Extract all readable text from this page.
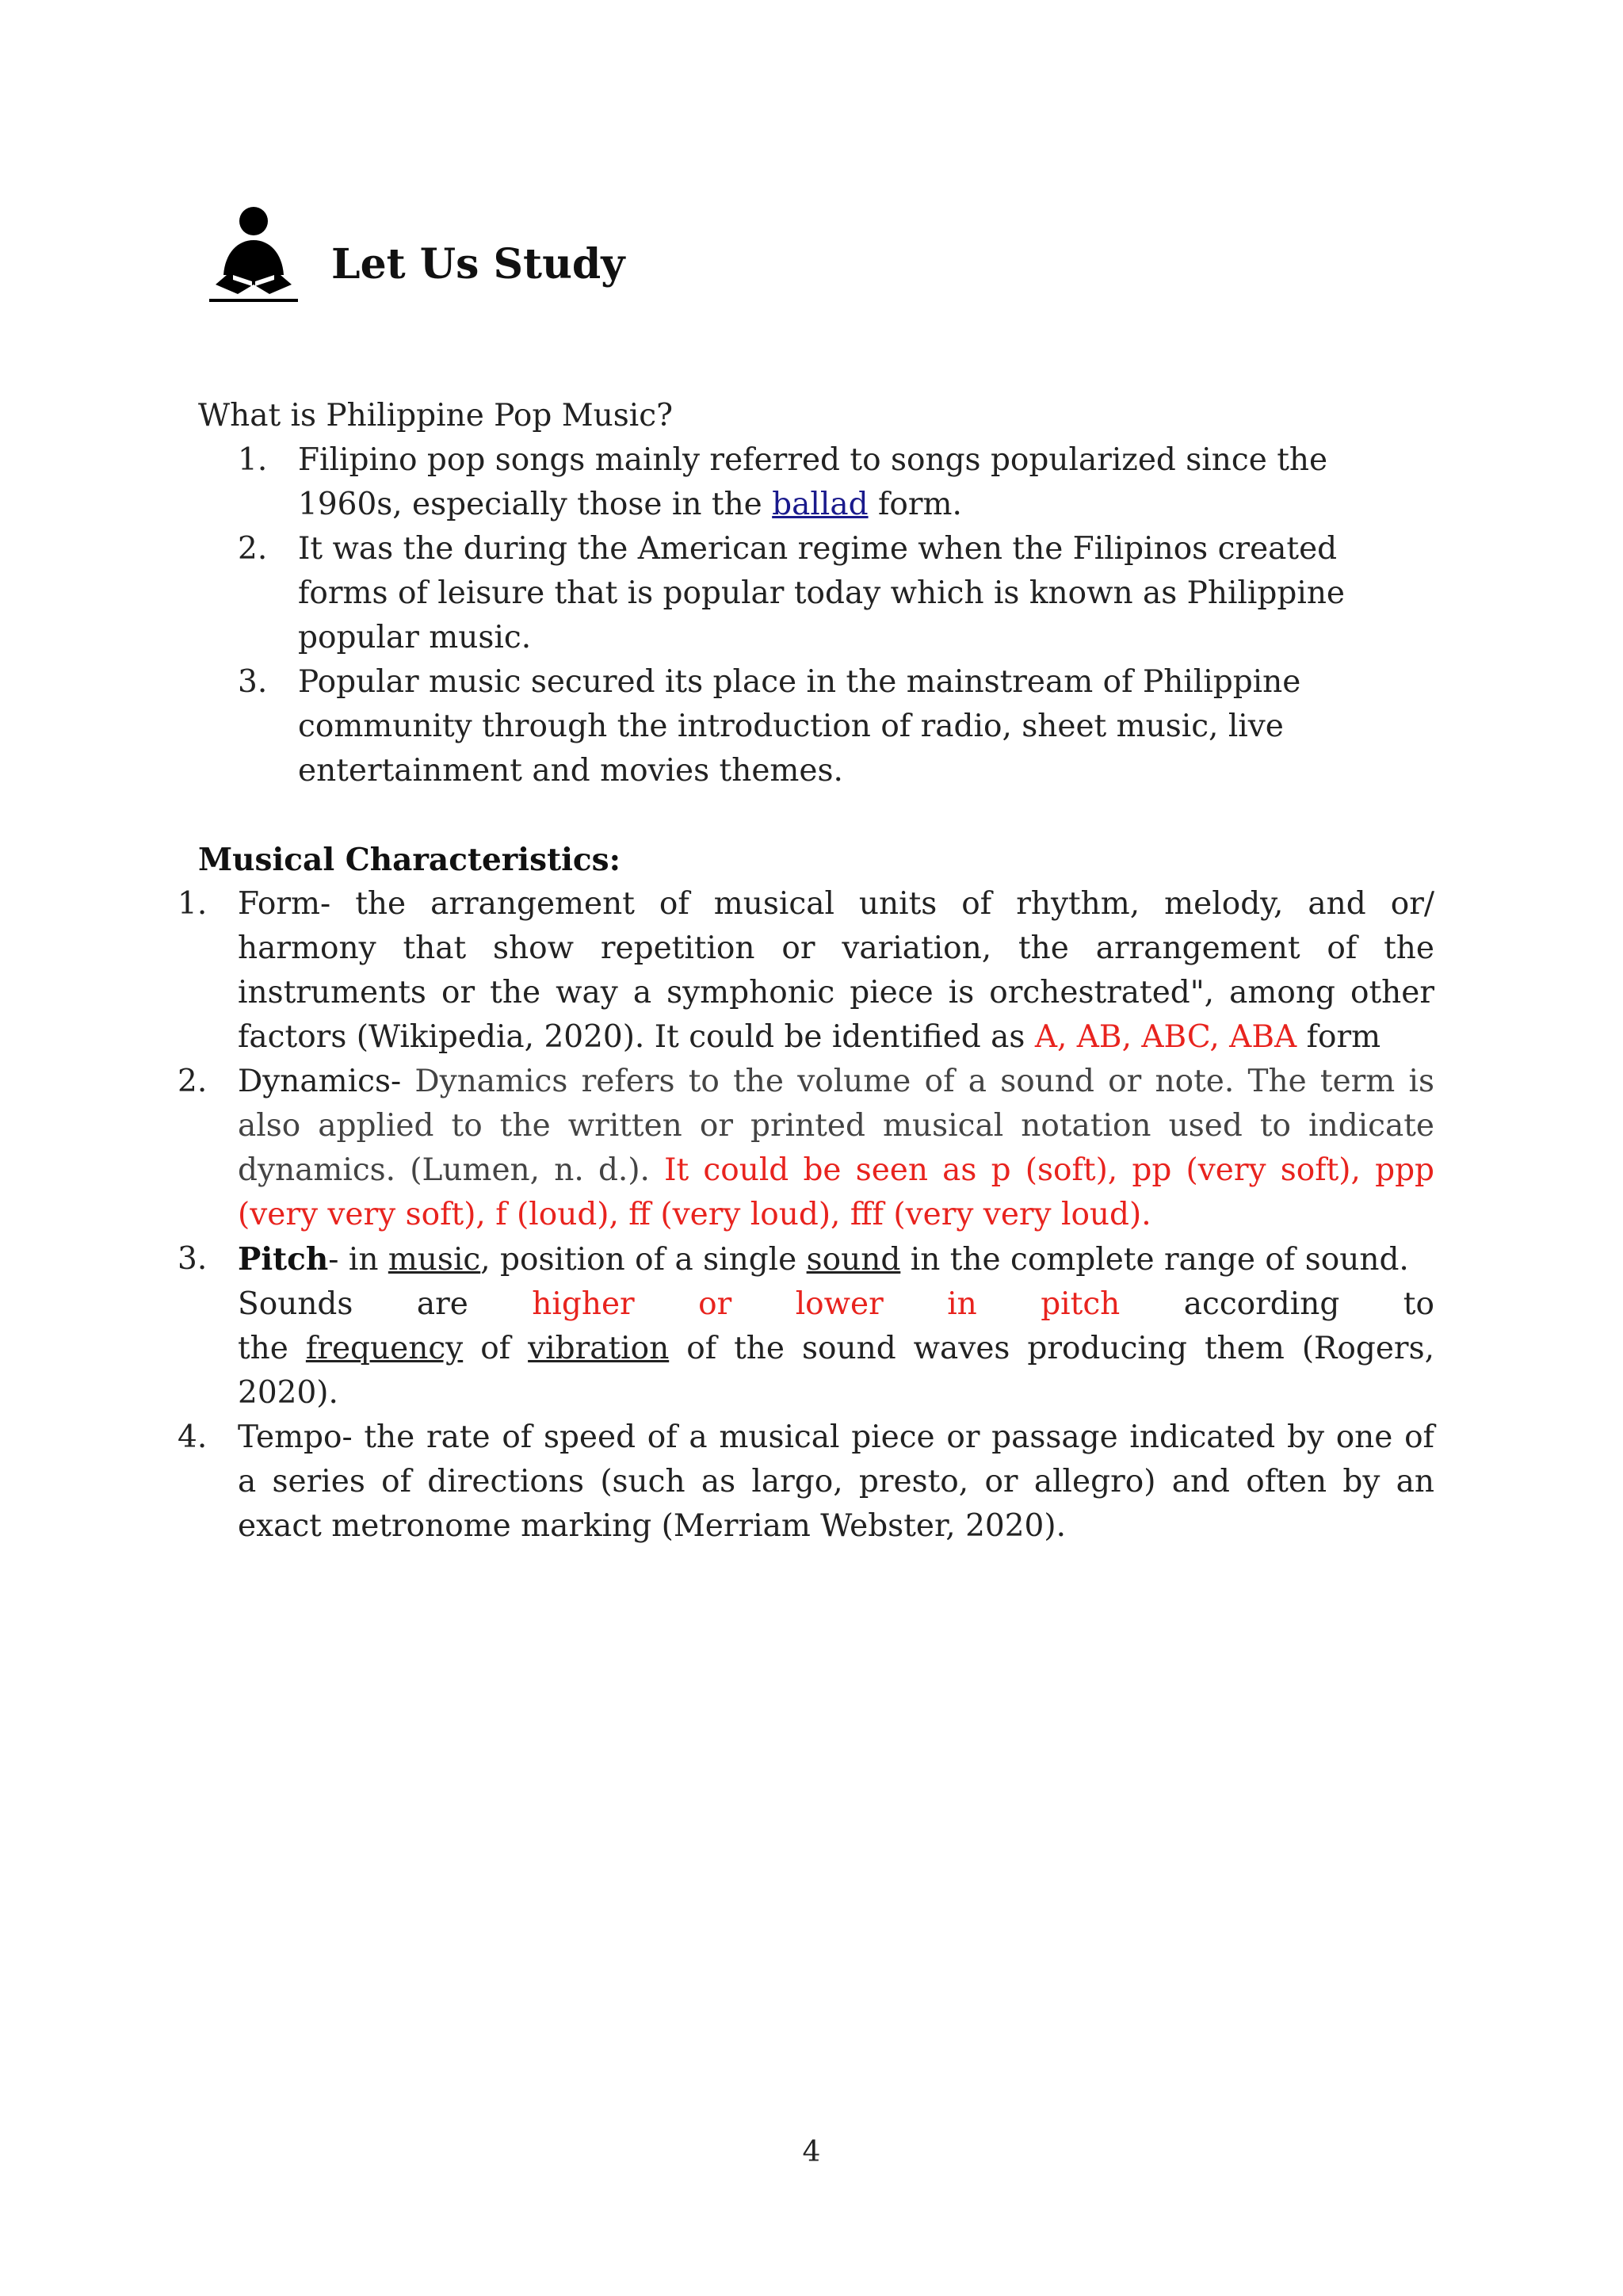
Let Us Study
What is Philippine Pop Music?
1. Filipino pop songs mainly referred to songs popularized since the 1960s, especially those in the ballad form.
2. It was the during the American regime when the Filipinos created forms of leisure that is popular today which is known as Philippine popular music.
3. Popular music secured its place in the mainstream of Philippine community through the introduction of radio, sheet music, live entertainment and movies themes.
Musical Characteristics:
1. Form- the arrangement of musical units of rhythm, melody, and or/ harmony that show repetition or variation, the arrangement of the instruments or the way a symphonic piece is orchestrated", among other factors (Wikipedia, 2020). It could be identified as A, AB, ABC, ABA form
2. Dynamics- Dynamics refers to the volume of a sound or note. The term is also applied to the written or printed musical notation used to indicate dynamics. (Lumen, n. d.). It could be seen as p (soft), pp (very soft), ppp (very very soft), f (loud), ff (very loud), fff (very very loud).
3. Pitch- in music, position of a single sound in the complete range of sound.
Sounds are higher or lower in pitch according to
the frequency of vibration of the sound waves producing them (Rogers, 2020).
4. Tempo- the rate of speed of a musical piece or passage indicated by one of a series of directions (such as largo, presto, or allegro) and often by an exact metronome marking (Merriam Webster, 2020).
4
